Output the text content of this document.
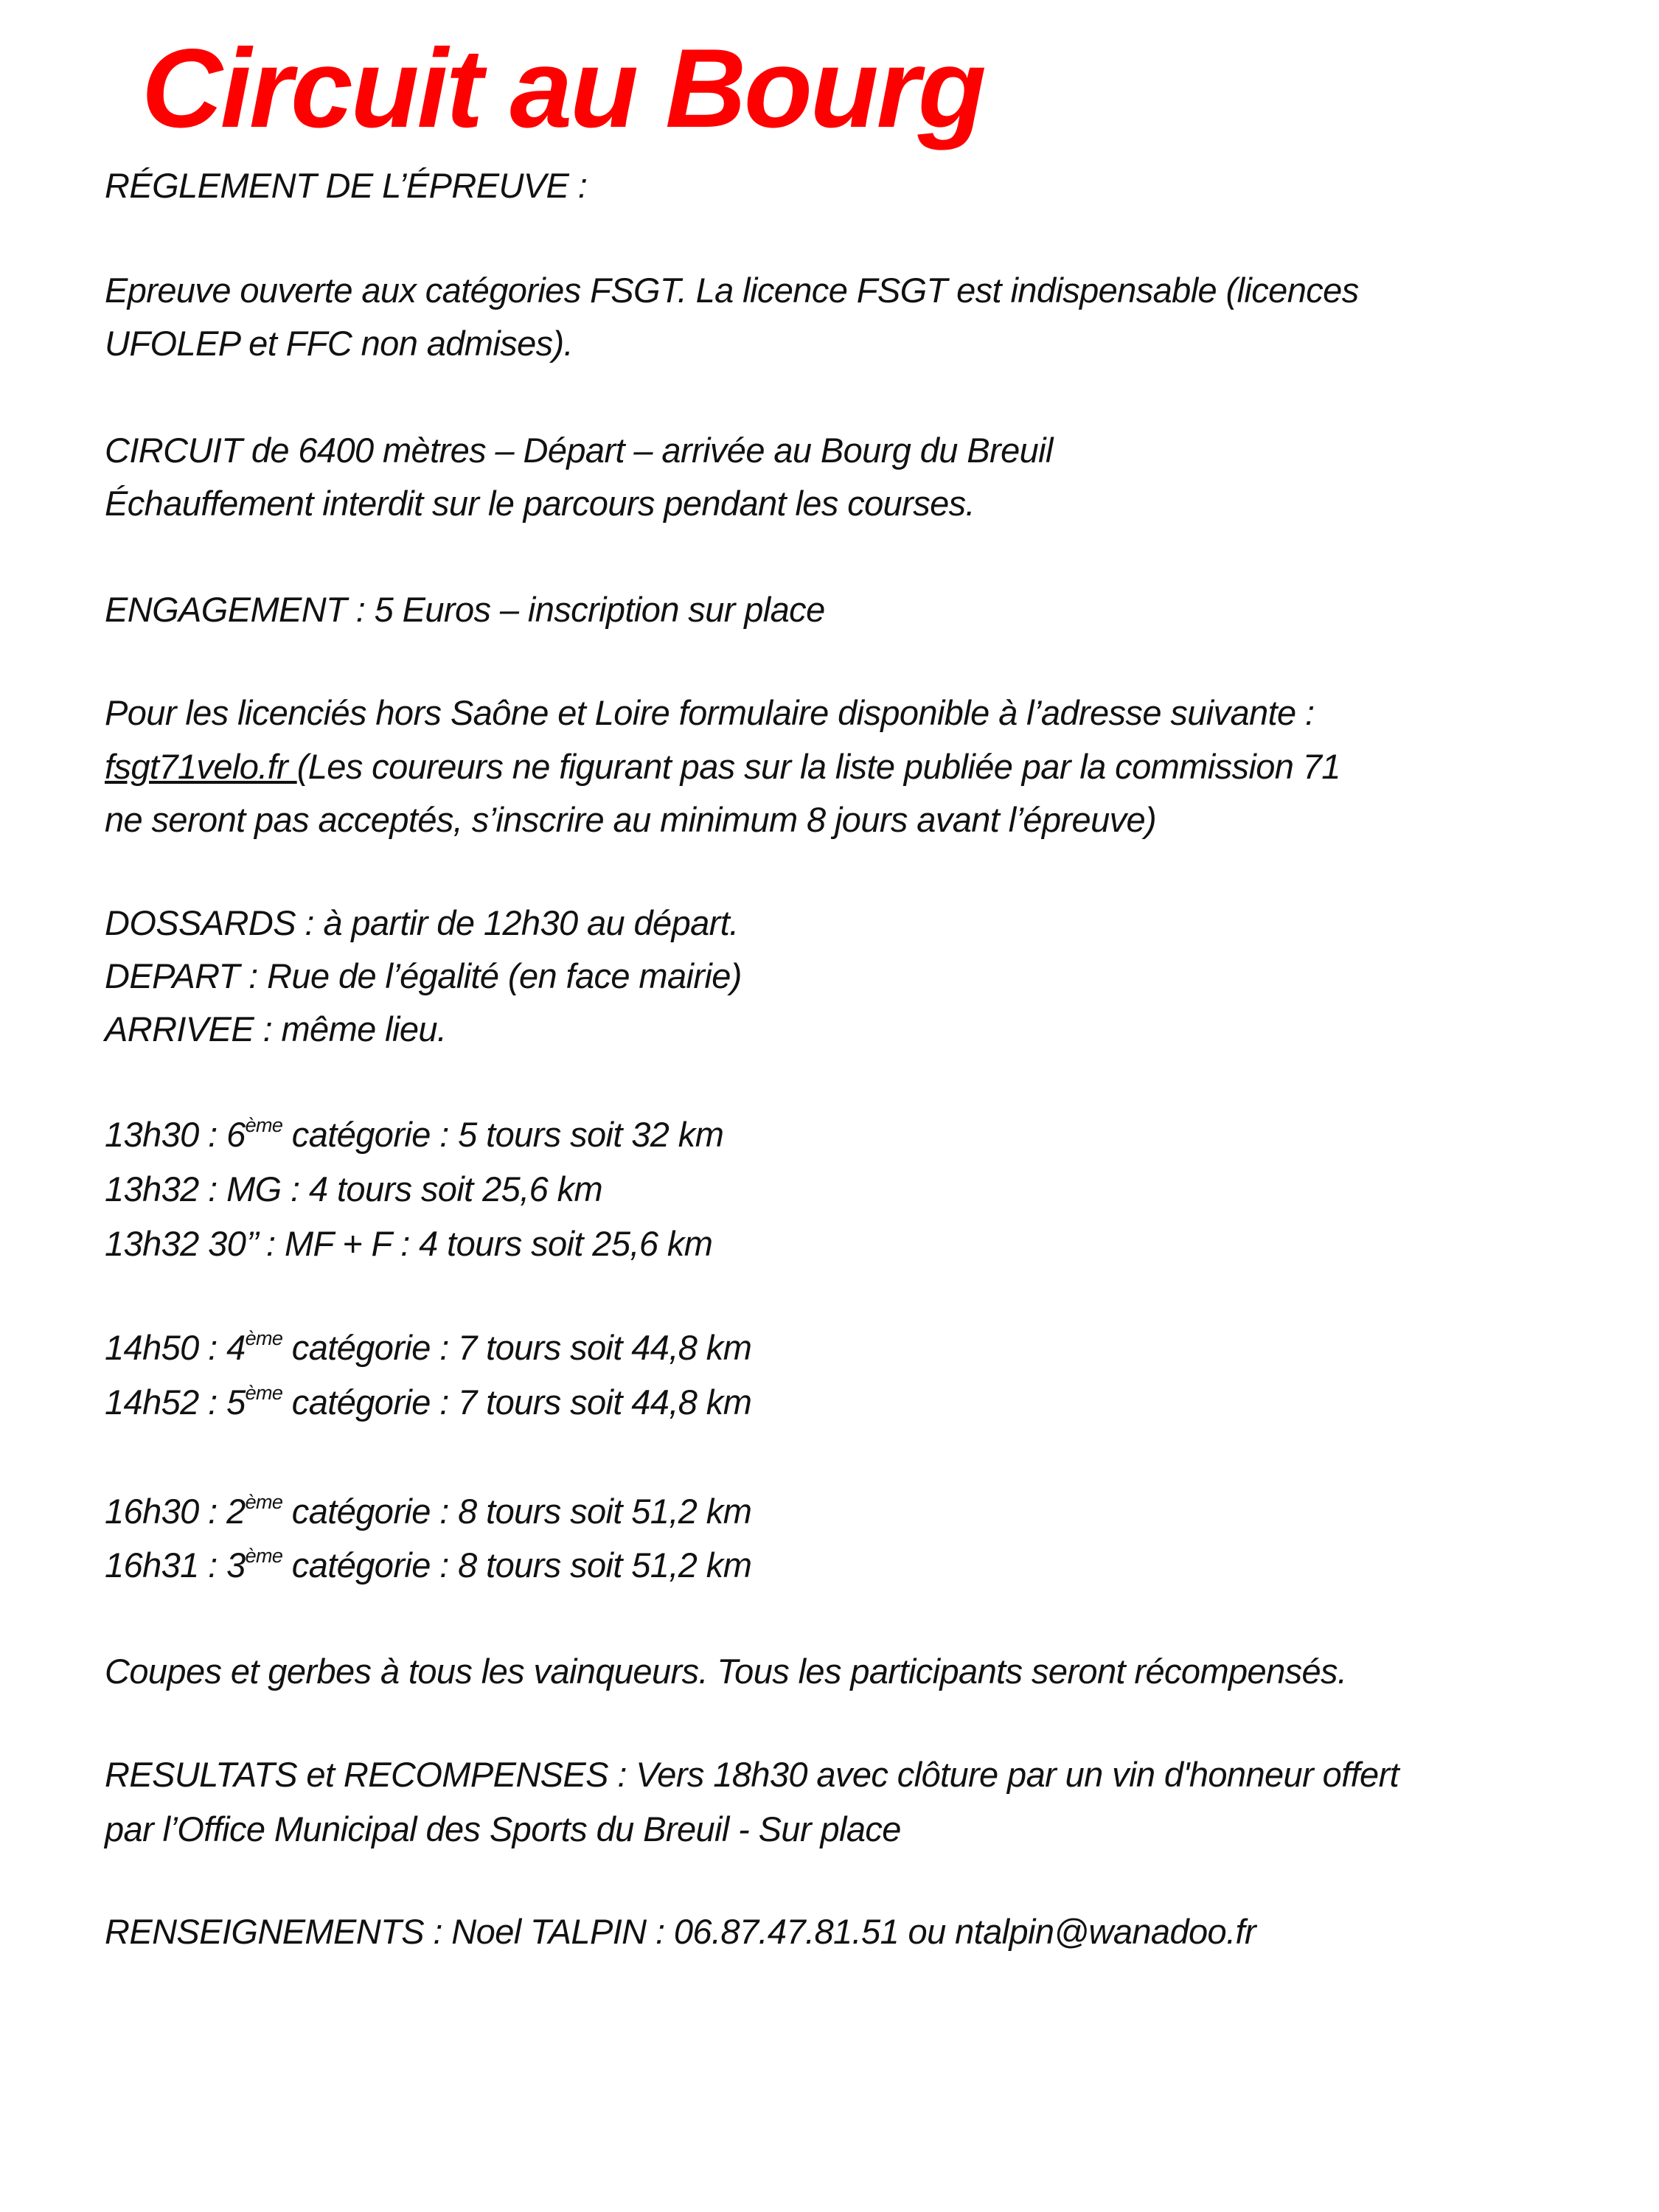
Circuit au Bourg
RÉGLEMENT DE L’ÉPREUVE :
Epreuve ouverte aux catégories FSGT. La licence FSGT est indispensable (licences
UFOLEP et FFC non admises).
CIRCUIT de 6400 mètres – Départ – arrivée au Bourg du Breuil
Échauffement interdit sur le parcours pendant les courses.
ENGAGEMENT : 5 Euros – inscription sur place
Pour les licenciés hors Saône et Loire formulaire disponible à l’adresse suivante :
fsgt71velo.fr (Les coureurs ne figurant pas sur la liste publiée par la commission 71
ne seront pas acceptés, s’inscrire au minimum 8 jours avant l’épreuve)
DOSSARDS : à partir de 12h30 au départ.
DEPART : Rue de l’égalité (en face mairie)
ARRIVEE : même lieu.
13h30 : 6ème catégorie : 5 tours soit 32 km
13h32 : MG : 4 tours soit 25,6 km
13h32 30’’ : MF + F : 4 tours soit 25,6 km
14h50 : 4ème catégorie : 7 tours soit 44,8 km
14h52 : 5ème catégorie : 7 tours soit 44,8 km
16h30 : 2ème catégorie : 8 tours soit 51,2 km
16h31 : 3ème catégorie : 8 tours soit 51,2 km
Coupes et gerbes à tous les vainqueurs. Tous les participants seront récompensés.
RESULTATS et RECOMPENSES : Vers 18h30 avec clôture par un vin d'honneur offert
par l’Office Municipal des Sports du Breuil - Sur place
RENSEIGNEMENTS : Noel TALPIN : 06.87.47.81.51 ou ntalpin@wanadoo.fr
